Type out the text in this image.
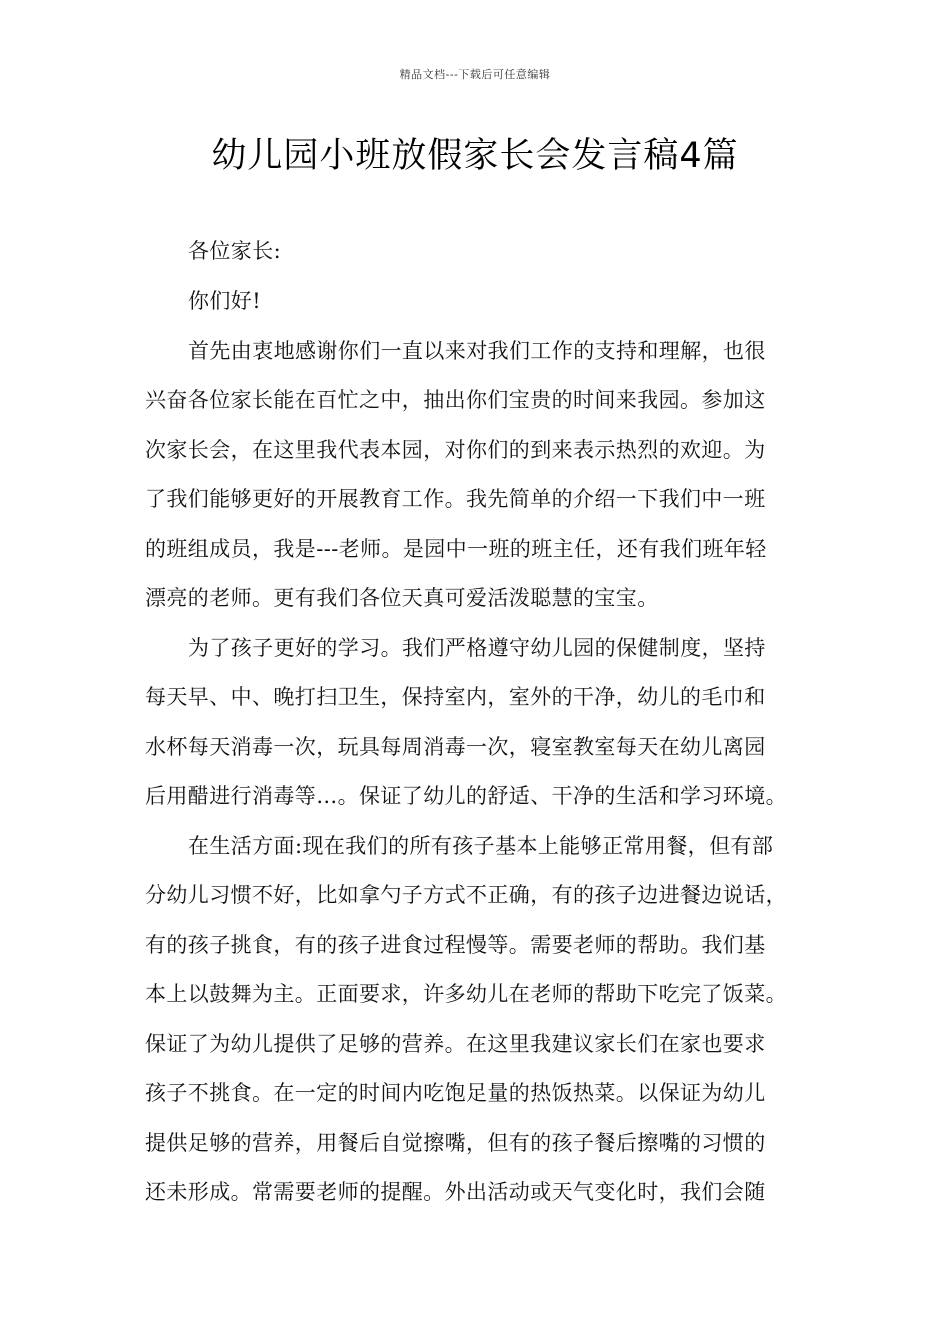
精品文档---下载后可任意编辑
幼儿园小班放假家长会发言稿4篇
各位家长:
你们好!
首先由衷地感谢你们一直以来对我们工作的支持和理解，也很
兴奋各位家长能在百忙之中，抽出你们宝贵的时间来我园。参加这
次家长会，在这里我代表本园，对你们的到来表示热烈的欢迎。为
了我们能够更好的开展教育工作。我先简单的介绍一下我们中一班
的班组成员，我是---老师。是园中一班的班主任，还有我们班年轻
漂亮的老师。更有我们各位天真可爱活泼聪慧的宝宝。
为了孩子更好的学习。我们严格遵守幼儿园的保健制度，坚持
每天早、中、晚打扫卫生，保持室内，室外的干净，幼儿的毛巾和
水杯每天消毒一次，玩具每周消毒一次，寝室教室每天在幼儿离园
后用醋进行消毒等…。保证了幼儿的舒适、干净的生活和学习环境。
在生活方面:现在我们的所有孩子基本上能够正常用餐，但有部
分幼儿习惯不好，比如拿勺子方式不正确，有的孩子边进餐边说话，
有的孩子挑食，有的孩子进食过程慢等。需要老师的帮助。我们基
本上以鼓舞为主。正面要求，许多幼儿在老师的帮助下吃完了饭菜。
保证了为幼儿提供了足够的营养。在这里我建议家长们在家也要求
孩子不挑食。在一定的时间内吃饱足量的热饭热菜。以保证为幼儿
提供足够的营养，用餐后自觉擦嘴，但有的孩子餐后擦嘴的习惯的
还未形成。常需要老师的提醒。外出活动或天气变化时，我们会随
